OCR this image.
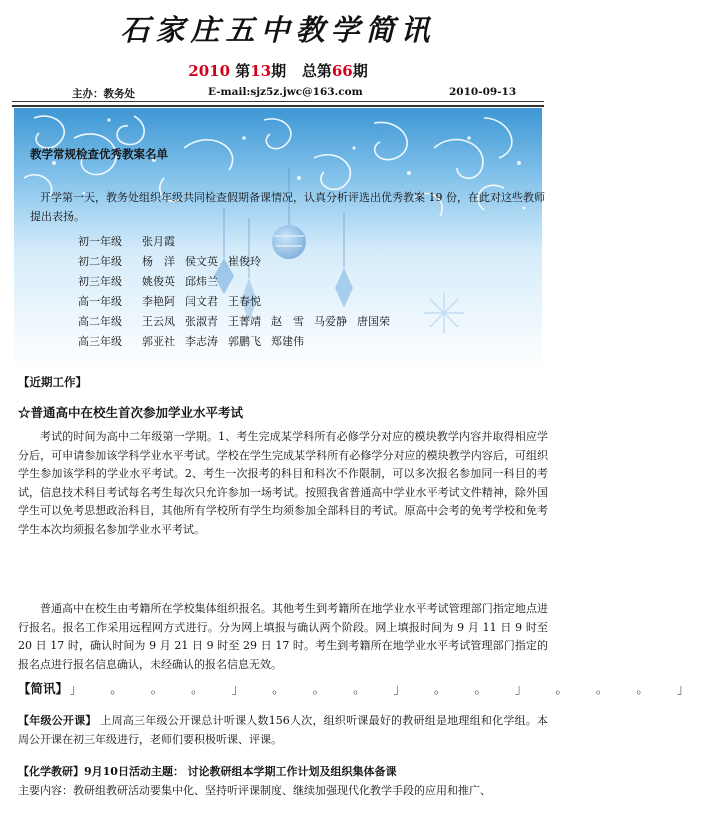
石家庄五中教学简讯
2010 第13期 总第66期
主办：教务处	E-mail:sjz5z.jwc@163.com	2010-09-13
教学常规检查优秀教案名单
开学第一天，教务处组织年级共同检查假期备课情况，认真分析评选出优秀教案 19 份，在此对这些教师提出表扬。
初一年级 张月霞
初二年级 杨　洋 侯文英 崔俊玲
初三年级 姚俊英 邱炜兰
高一年级 李艳阿 闫文君 王春悦
高二年级 王云凤 张淑青 王菁靖 赵　雪 马爱静 唐国荣
高三年级 郭亚社 李志涛 郭鹏飞 郑建伟
【近期工作】
☆普通高中在校生首次参加学业水平考试
考试的时间为高中二年级第一学期。1、考生完成某学科所有必修学分对应的模块教学内容并取得相应学分后，可申请参加该学科学业水平考试。学校在学生完成某学科所有必修学分对应的模块教学内容后，可组织学生参加该学科的学业水平考试。2、考生一次报考的科目和科次不作限制，可以多次报名参加同一科目的考试，信息技术科目考试每名考生每次只允许参加一场考试。按照我省普通高中学业水平考试文件精神，除外国学生可以免考思想政治科目，其他所有学校所有学生均须参加全部科目的考试。原高中会考的免考学校和免考学生本次均须报名参加学业水平考试。
普通高中在校生由考籍所在学校集体组织报名。其他考生到考籍所在地学业水平考试管理部门指定地点进行报名。报名工作采用远程网方式进行。分为网上填报与确认两个阶段。网上填报时间为 9 月 11 日 9 时至 20 日 17 时，确认时间为 9 月 21 日 9 时至 29 日 17 时。考生到考籍所在地学业水平考试管理部门指定的报名点进行报名信息确认，未经确认的报名信息无效。
【简讯】 」 。 。 。 」 。 。 。 」 。 。 」 。 。 。 」
【年级公开课】 上周高三年级公开课总计听课人数156人次，组织听课最好的教研组是地理组和化学组。本周公开课在初三年级进行，老师们要积极听课、评课。
【化学教研】9月10日活动主题： 讨论教研组本学期工作计划及组织集体备课
主要内容：教研组教研活动要集中化、坚持听评课制度、继续加强现代化教学手段的应用和推广、
